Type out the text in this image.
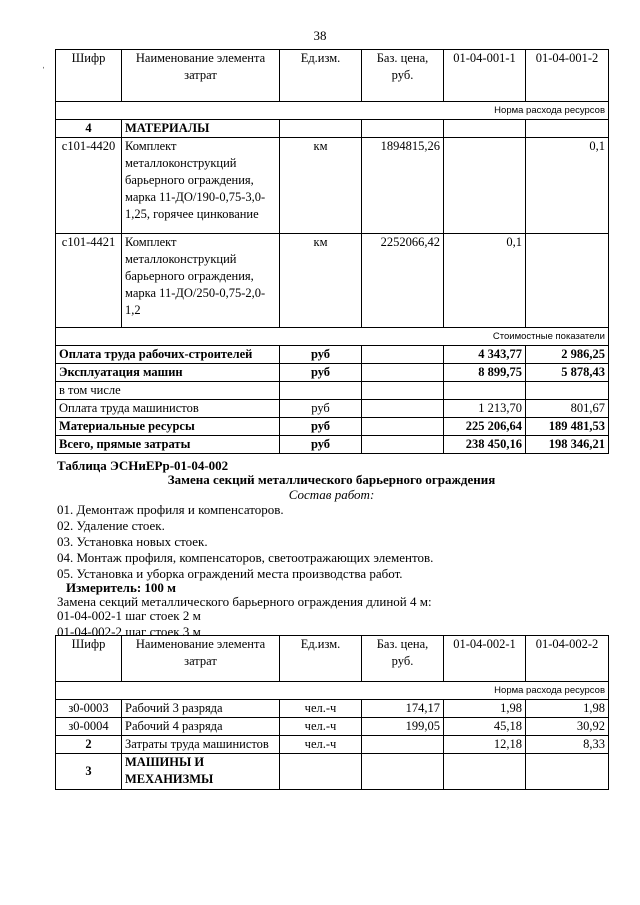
38
ˈ
Шифр	Наименование элемента затрат	Ед.изм.	Баз. цена, руб.	01-04-001-1	01-04-001-2
Норма расхода ресурсов					
4	МАТЕРИАЛЫ				
с101-4420	Комплект металлоконструкций барьерного ограждения, марка 11-ДО/190-0,75-3,0-1,25, горячее цинкование	км	1894815,26		0,1
с101-4421	Комплект металлоконструкций барьерного ограждения, марка 11-ДО/250-0,75-2,0-1,2	км	2252066,42	0,1	
Стоимостные показатели					
Оплата труда рабочих-строителей		руб		4 343,77	2 986,25
Эксплуатация машин		руб		8 899,75	5 878,43
в том числе					
Оплата труда машинистов		руб		1 213,70	801,67
Материальные ресурсы		руб		225 206,64	189 481,53
Всего, прямые затраты		руб		238 450,16	198 346,21
Таблица ЭСНиЕРр-01-04-002
Замена секций металлического барьерного ограждения
Состав работ:
01. Демонтаж профиля и компенсаторов.
02. Удаление стоек.
03. Установка новых стоек.
04. Монтаж профиля, компенсаторов, светоотражающих элементов.
05. Установка и уборка ограждений места производства работ.
Измеритель: 100 м
Замена секций металлического барьерного ограждения длиной 4 м:
01-04-002-1 шаг стоек 2 м
01-04-002-2 шаг стоек 3 м
Шифр	Наименование элемента затрат	Ед.изм.	Баз. цена, руб.	01-04-002-1	01-04-002-2
Норма расхода ресурсов					
з0-0003	Рабочий 3 разряда	чел.-ч	174,17	1,98	1,98
з0-0004	Рабочий 4 разряда	чел.-ч	199,05	45,18	30,92
2	Затраты труда машинистов	чел.-ч		12,18	8,33
3	МАШИНЫ И МЕХАНИЗМЫ				
